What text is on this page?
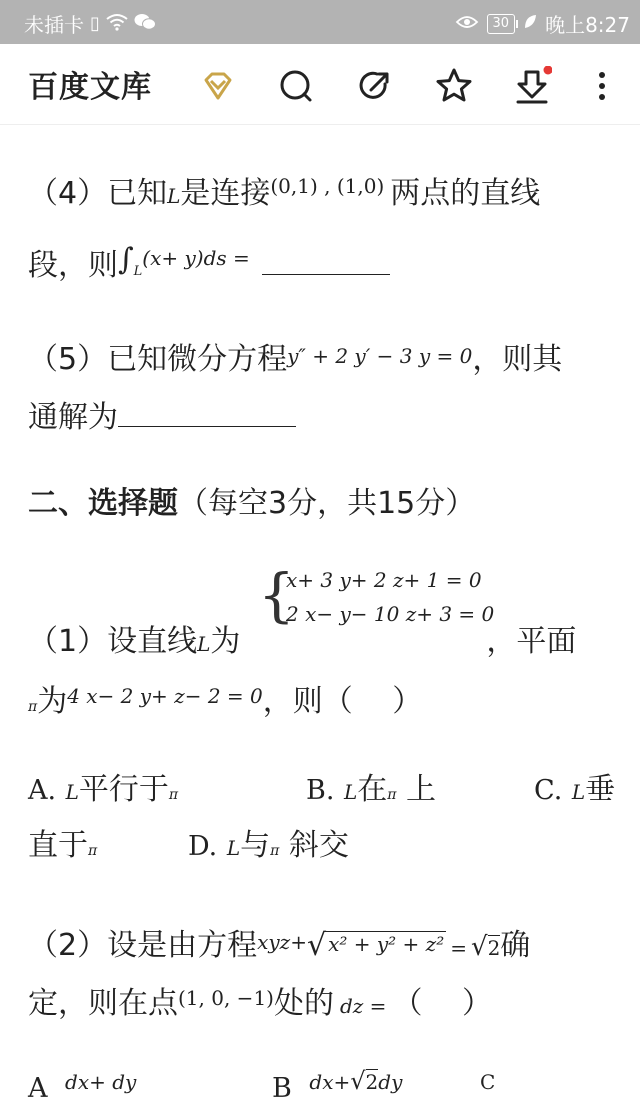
未插卡 ▯	30	晚上8:27
百度文库
（4）已知L是连接$^{(0,1) , (1,0)}$ 两点的直线
段，则$\int L^{(x+ y)ds =}$
（5）已知微分方程$^{y'' + 2 y' - 3 y = 0}$，则其
通解为
二、选择题（每空3分，共15分）
{
x+ 3 y+ 2 z+ 1 = 0
2 x− y− 10 z+ 3 = 0
（1）设直线L为	，平面
π为$^{4 x- 2 y+ z- 2 = 0}$，则（　 ）
A. L平行于π	B. L在π 上	C. L垂
直于π	D. L与π 斜交
（2）设是由方程$^{xyz+}$√ x² + y² + z² = √2确
定，则在点$^{(1, 0, -1)}$处的 dz = （　 ）
A $^{dx+ dy}$	B $^{dx+√2dy}$	C
